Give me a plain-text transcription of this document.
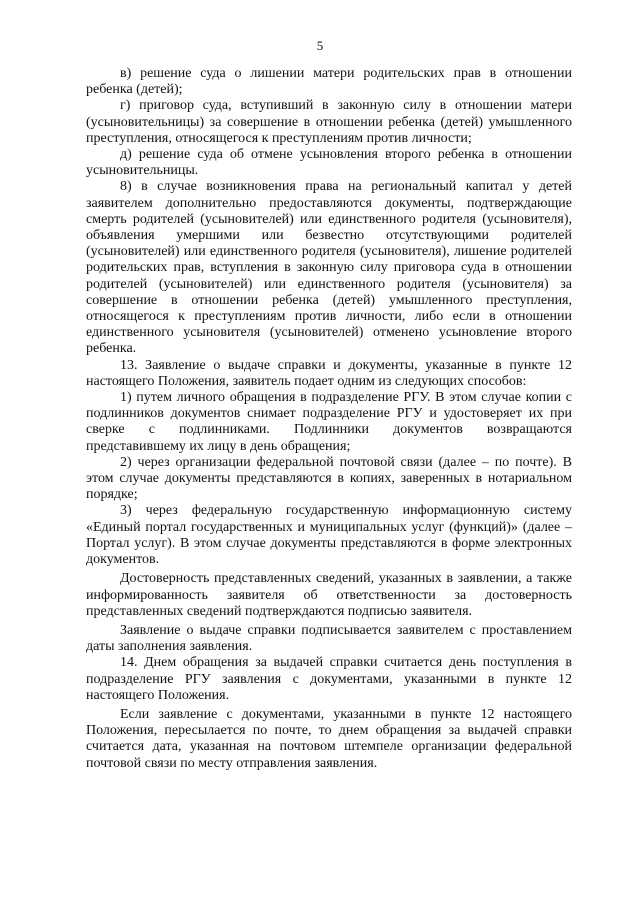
5

в) решение суда о лишении матери родительских прав в отношении ребенка (детей);

г) приговор суда, вступивший в законную силу в отношении матери (усыновительницы) за совершение в отношении ребенка (детей) умышленного преступления, относящегося к преступлениям против личности;

д) решение суда об отмене усыновления второго ребенка в отношении усыновительницы.

8) в случае возникновения права на региональный капитал у детей заявителем дополнительно предоставляются документы, подтверждающие смерть родителей (усыновителей) или единственного родителя (усыновителя), объявления умершими или безвестно отсутствующими родителей (усыновителей) или единственного родителя (усыновителя), лишение родителей родительских прав, вступления в законную силу приговора суда в отношении родителей (усыновителей) или единственного родителя (усыновителя) за совершение в отношении ребенка (детей) умышленного преступления, относящегося к преступлениям против личности, либо если в отношении единственного усыновителя (усыновителей) отменено усыновление второго ребенка.

13. Заявление о выдаче справки и документы, указанные в пункте 12 настоящего Положения, заявитель подает одним из следующих способов:

1) путем личного обращения в подразделение РГУ. В этом случае копии с подлинников документов снимает подразделение РГУ и удостоверяет их при сверке с подлинниками. Подлинники документов возвращаются представившему их лицу в день обращения;

2) через организации федеральной почтовой связи (далее – по почте). В этом случае документы представляются в копиях, заверенных в нотариальном порядке;

3) через федеральную государственную информационную систему «Единый портал государственных и муниципальных услуг (функций)» (далее – Портал услуг). В этом случае документы представляются в форме электронных документов.

Достоверность представленных сведений, указанных в заявлении, а также информированность заявителя об ответственности за достоверность представленных сведений подтверждаются подписью заявителя.

Заявление о выдаче справки подписывается заявителем с проставлением даты заполнения заявления.

14. Днем обращения за выдачей справки считается день поступления в подразделение РГУ заявления с документами, указанными в пункте 12 настоящего Положения.

Если заявление с документами, указанными в пункте 12 настоящего Положения, пересылается по почте, то днем обращения за выдачей справки считается дата, указанная на почтовом штемпеле организации федеральной почтовой связи по месту отправления заявления.
